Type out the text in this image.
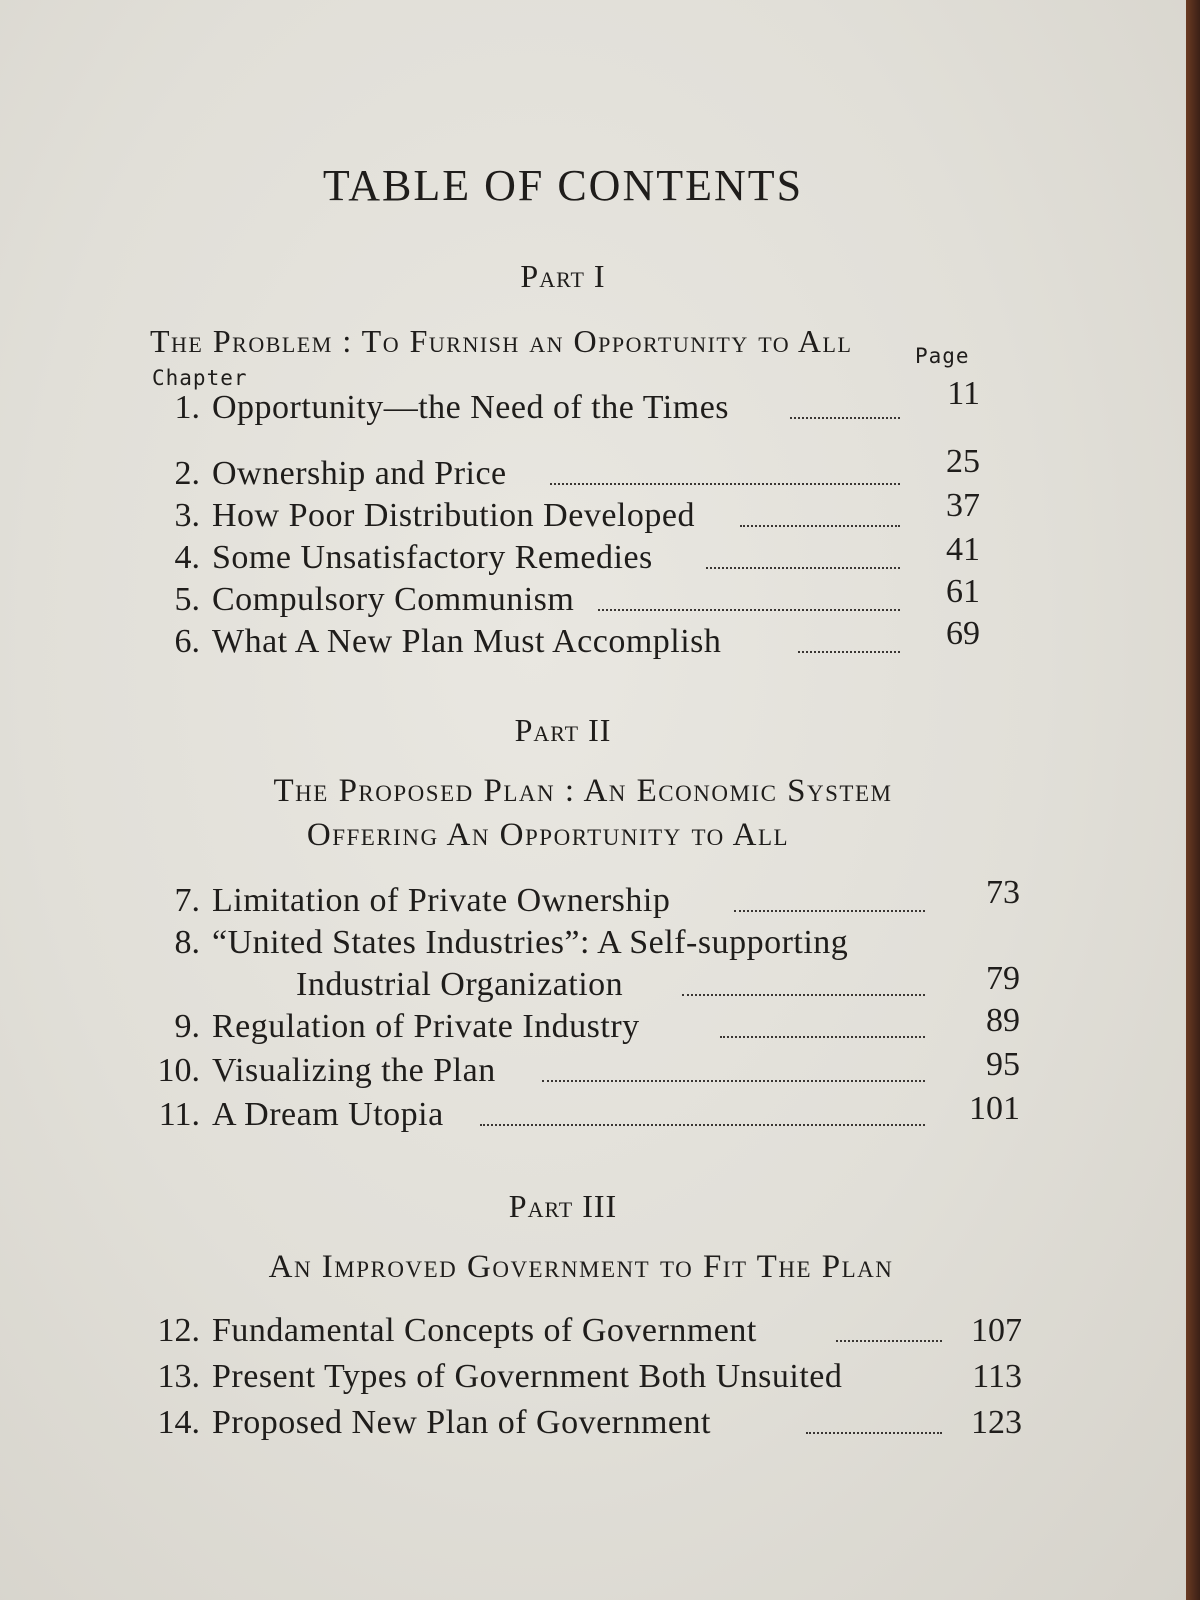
TABLE OF CONTENTS
Part I
The Problem : To Furnish an Opportunity to All	Page
Chapter
1. Opportunity—the Need of the Times	11
2. Ownership and Price	25
3. How Poor Distribution Developed	37
4. Some Unsatisfactory Remedies	41
5. Compulsory Communism	61
6. What A New Plan Must Accomplish	69
Part II
The Proposed Plan : An Economic System
Offering An Opportunity to All
7. Limitation of Private Ownership	73
8. “United States Industries”: A Self-supporting
Industrial Organization	79
9. Regulation of Private Industry	89
10. Visualizing the Plan	95
11. A Dream Utopia	101
Part III
An Improved Government to Fit The Plan
12. Fundamental Concepts of Government	107
13. Present Types of Government Both Unsuited	113
14. Proposed New Plan of Government	123
